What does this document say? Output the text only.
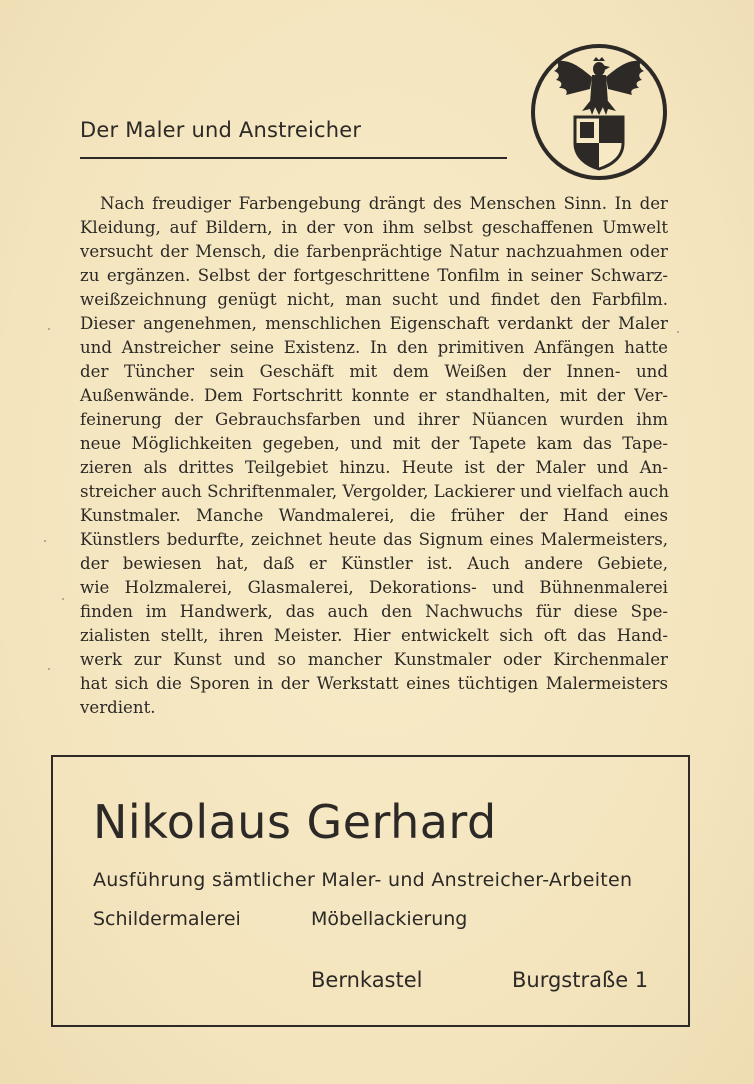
Der Maler und Anstreicher
Nach freudiger Farbengebung drängt des Menschen Sinn. In der
Kleidung, auf Bildern, in der von ihm selbst geschaffenen Umwelt
versucht der Mensch, die farbenprächtige Natur nachzuahmen oder
zu ergänzen. Selbst der fortgeschrittene Tonfilm in seiner Schwarz-
weißzeichnung genügt nicht, man sucht und findet den Farbfilm.
Dieser angenehmen, menschlichen Eigenschaft verdankt der Maler
und Anstreicher seine Existenz. In den primitiven Anfängen hatte
der Tüncher sein Geschäft mit dem Weißen der Innen- und
Außenwände. Dem Fortschritt konnte er standhalten, mit der Ver-
feinerung der Gebrauchsfarben und ihrer Nüancen wurden ihm
neue Möglichkeiten gegeben, und mit der Tapete kam das Tape-
zieren als drittes Teilgebiet hinzu. Heute ist der Maler und An-
streicher auch Schriftenmaler, Vergolder, Lackierer und vielfach auch
Kunstmaler. Manche Wandmalerei, die früher der Hand eines
Künstlers bedurfte, zeichnet heute das Signum eines Malermeisters,
der bewiesen hat, daß er Künstler ist. Auch andere Gebiete,
wie Holzmalerei, Glasmalerei, Dekorations- und Bühnenmalerei
finden im Handwerk, das auch den Nachwuchs für diese Spe-
zialisten stellt, ihren Meister. Hier entwickelt sich oft das Hand-
werk zur Kunst und so mancher Kunstmaler oder Kirchenmaler
hat sich die Sporen in der Werkstatt eines tüchtigen Malermeisters
verdient.
Nikolaus Gerhard
Ausführung sämtlicher Maler- und Anstreicher-Arbeiten
Schildermalerei	Möbellackierung
Bernkastel	Burgstraße 1
